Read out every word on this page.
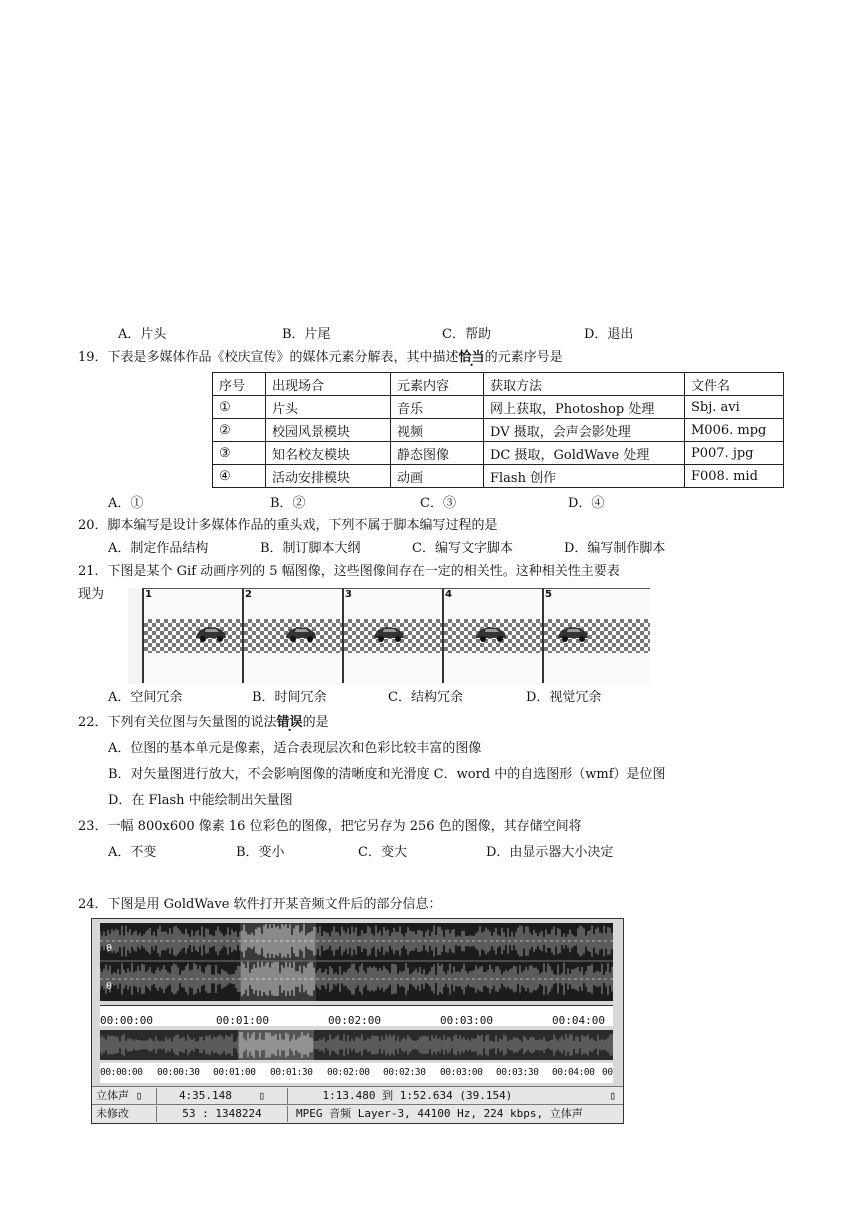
A．片头	B．片尾	C．帮助	D．退出
19．下表是多媒体作品《校庆宣传》的媒体元素分解表，其中描述恰当的元素序号是
序号	出现场合	元素内容	获取方法	文件名
①	片头	音乐	网上获取，Photoshop 处理	Sbj. avi
②	校园风景模块	视频	DV 摄取，会声会影处理	M006. mpg
③	知名校友模块	静态图像	DC 摄取，GoldWave 处理	P007. jpg
④	活动安排模块	动画	Flash 创作	F008. mid
A．①	B．②	C．③	D．④
20．脚本编写是设计多媒体作品的重头戏，下列不属于脚本编写过程的是
A．制定作品结构	B．制订脚本大纲	C．编写文字脚本	D．编写制作脚本
21．下图是某个 Gif 动画序列的 5 幅图像，这些图像间存在一定的相关性。这种相关性主要表
现为	1	2	3	4	5
A．空间冗余	B．时间冗余	C．结构冗余	D．视觉冗余
22．下列有关位图与矢量图的说法错误的是
A．位图的基本单元是像素，适合表现层次和色彩比较丰富的图像
B．对矢量图进行放大，不会影响图像的清晰度和光滑度 C．word 中的自选图形（wmf）是位图
D．在 Flash 中能绘制出矢量图
23．一幅 800x600 像素 16 位彩色的图像，把它另存为 256 色的图像，其存储空间将
A．不变	B．变小	C．变大	D．由显示器大小决定
24．下图是用 GoldWave 软件打开某音频文件后的部分信息：
0
0
00:00:00	00:01:00	00:02:00	00:03:00	00:04:00
00:00:00 00:00:30 00:01:00 00:01:30 00:02:00 00:02:30 00:03:00 00:03:30 00:04:00 00
立体声 ▯	4:35.148 ▯	1:13.480 到 1:52.634 (39.154)	▯
未修改	53 : 1348224	MPEG 音频 Layer-3, 44100 Hz, 224 kbps, 立体声
